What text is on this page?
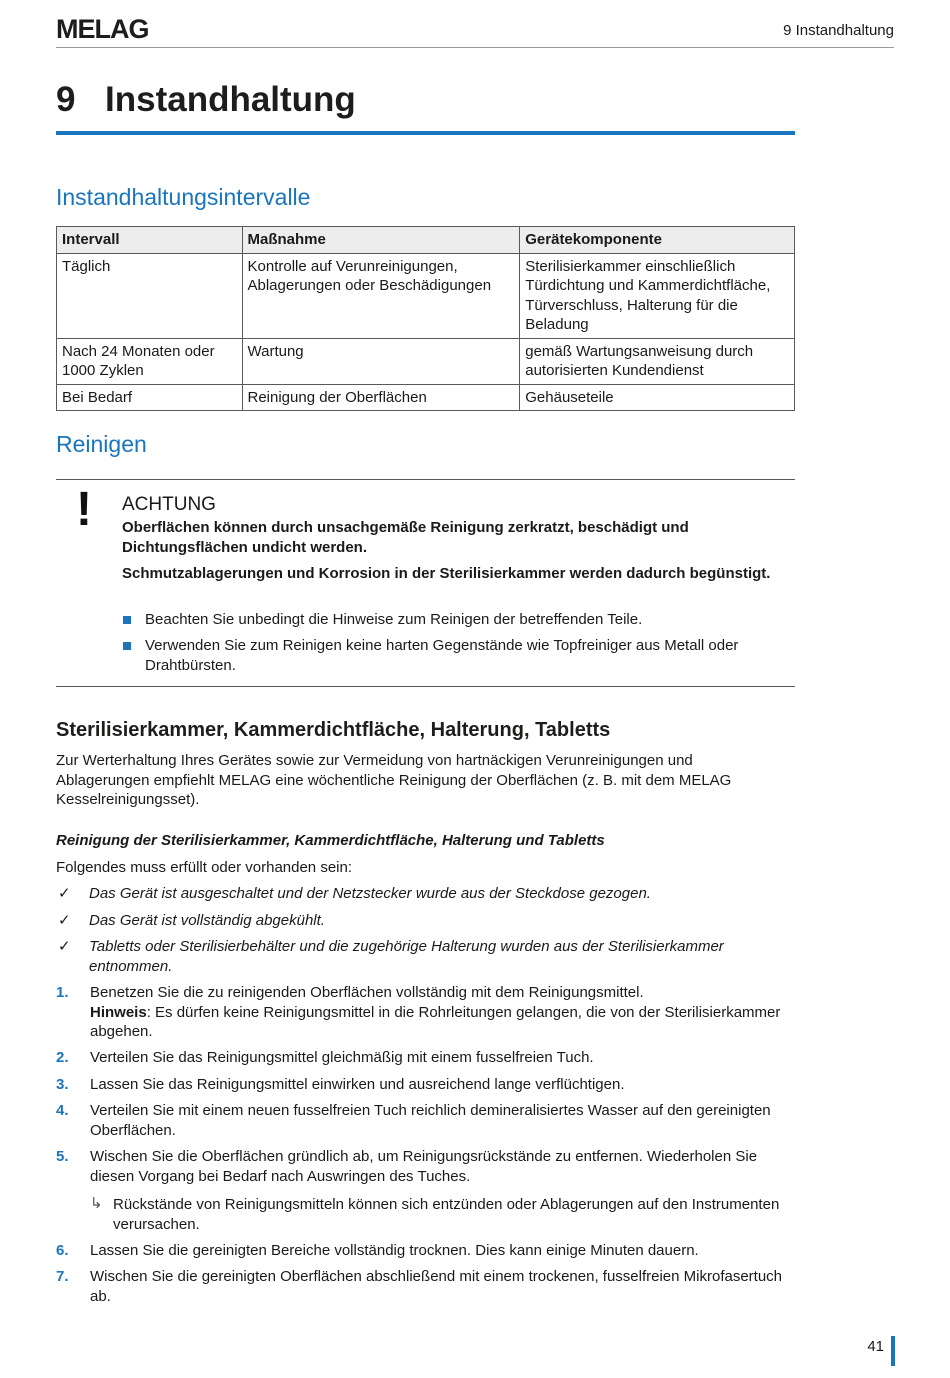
MELAG	9 Instandhaltung
9 Instandhaltung
Instandhaltungsintervalle
Intervall	Maßnahme	Gerätekomponente
Täglich	Kontrolle auf Verunreinigungen, Ablagerungen oder Beschädigungen	Sterilisierkammer einschließlich Türdichtung und Kammerdichtfläche, Türverschluss, Halterung für die Beladung
Nach 24 Monaten oder 1000 Zyklen	Wartung	gemäß Wartungsanweisung durch autorisierten Kundendienst
Bei Bedarf	Reinigung der Oberflächen	Gehäuseteile
Reinigen
! ACHTUNG
Oberflächen können durch unsachgemäße Reinigung zerkratzt, beschädigt und Dichtungsflächen undicht werden.
Schmutzablagerungen und Korrosion in der Sterilisierkammer werden dadurch begünstigt.
Beachten Sie unbedingt die Hinweise zum Reinigen der betreffenden Teile.
Verwenden Sie zum Reinigen keine harten Gegenstände wie Topfreiniger aus Metall oder Drahtbürsten.
Sterilisierkammer, Kammerdichtfläche, Halterung, Tabletts
Zur Werterhaltung Ihres Gerätes sowie zur Vermeidung von hartnäckigen Verunreinigungen und Ablagerungen empfiehlt MELAG eine wöchentliche Reinigung der Oberflächen (z. B. mit dem MELAG Kesselreinigungsset).
Reinigung der Sterilisierkammer, Kammerdichtfläche, Halterung und Tabletts
Folgendes muss erfüllt oder vorhanden sein:
✓	Das Gerät ist ausgeschaltet und der Netzstecker wurde aus der Steckdose gezogen.
✓	Das Gerät ist vollständig abgekühlt.
✓	Tabletts oder Sterilisierbehälter und die zugehörige Halterung wurden aus der Sterilisierkammer entnommen.
1.	Benetzen Sie die zu reinigenden Oberflächen vollständig mit dem Reinigungsmittel.
Hinweis: Es dürfen keine Reinigungsmittel in die Rohrleitungen gelangen, die von der Sterilisierkammer abgehen.
2.	Verteilen Sie das Reinigungsmittel gleichmäßig mit einem fusselfreien Tuch.
3.	Lassen Sie das Reinigungsmittel einwirken und ausreichend lange verflüchtigen.
4.	Verteilen Sie mit einem neuen fusselfreien Tuch reichlich demineralisiertes Wasser auf den gereinigten Oberflächen.
5.	Wischen Sie die Oberflächen gründlich ab, um Reinigungsrückstände zu entfernen. Wiederholen Sie diesen Vorgang bei Bedarf nach Auswringen des Tuches.
↳ Rückstände von Reinigungsmitteln können sich entzünden oder Ablagerungen auf den Instrumenten verursachen.
6.	Lassen Sie die gereinigten Bereiche vollständig trocknen. Dies kann einige Minuten dauern.
7.	Wischen Sie die gereinigten Oberflächen abschließend mit einem trockenen, fusselfreien Mikrofasertuch ab.
41
